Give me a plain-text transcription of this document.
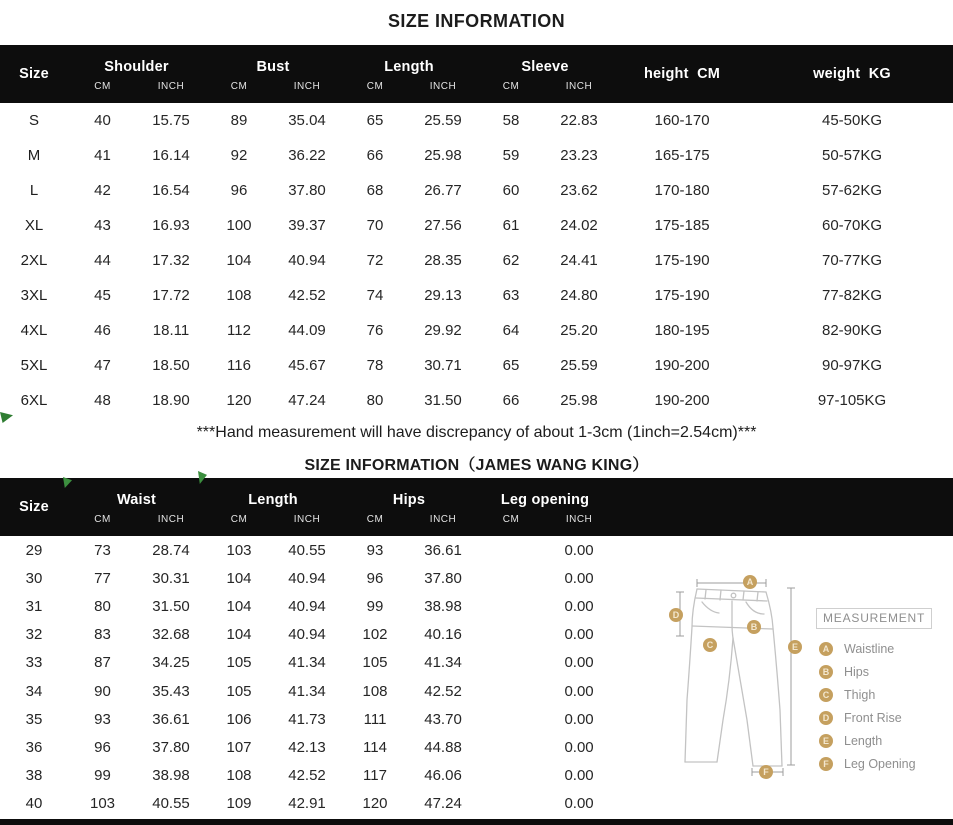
SIZE INFORMATION
Size	Shoulder		Bust		Length		Sleeve		height  CM	weight  KG
	CM	INCH	CM	INCH	CM	INCH	CM	INCH		
S	40	15.75	89	35.04	65	25.59	58	22.83	160-170	45-50KG
M	41	16.14	92	36.22	66	25.98	59	23.23	165-175	50-57KG
L	42	16.54	96	37.80	68	26.77	60	23.62	170-180	57-62KG
XL	43	16.93	100	39.37	70	27.56	61	24.02	175-185	60-70KG
2XL	44	17.32	104	40.94	72	28.35	62	24.41	175-190	70-77KG
3XL	45	17.72	108	42.52	74	29.13	63	24.80	175-190	77-82KG
4XL	46	18.11	112	44.09	76	29.92	64	25.20	180-195	82-90KG
5XL	47	18.50	116	45.67	78	30.71	65	25.59	190-200	90-97KG
6XL	48	18.90	120	47.24	80	31.50	66	25.98	190-200	97-105KG
***Hand measurement will have discrepancy of about 1-3cm (1inch=2.54cm)***
SIZE INFORMATION（JAMES WANG KING）
Size	Waist		Length		Hips		Leg opening		
	CM	INCH	CM	INCH	CM	INCH	CM	INCH	
29	73	28.74	103	40.55	93	36.61		0.00	
30	77	30.31	104	40.94	96	37.80		0.00	
31	80	31.50	104	40.94	99	38.98		0.00	
32	83	32.68	104	40.94	102	40.16		0.00	
33	87	34.25	105	41.34	105	41.34		0.00	
34	90	35.43	105	41.34	108	42.52		0.00	
35	93	36.61	106	41.73	111	43.70		0.00	
36	96	37.80	107	42.13	114	44.88		0.00	
38	99	38.98	108	42.52	117	46.06		0.00	
40	103	40.55	109	42.91	120	47.24		0.00	
A
B
C
D
E
F
MEASUREMENT
A	Waistline
B	Hips
C	Thigh
D	Front Rise
E	Length
F	Leg Opening
